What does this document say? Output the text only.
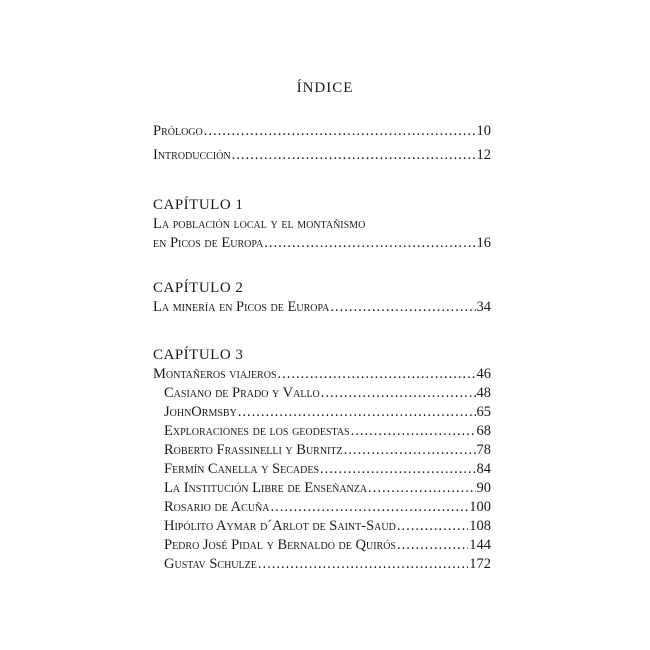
ÍNDICE
Prólogo .....	10
Introducción .....	12
CAPÍTULO 1
La población local y el montañismo
en Picos de Europa .....	16
CAPÍTULO 2
La minería en Picos de Europa .....	34
CAPÍTULO 3
Montañeros viajeros .....	46
Casiano de Prado y Vallo .....	48
JohnOrmsby .....	65
Exploraciones de los geodestas .....	68
Roberto Frassinelli y Burnitz .....	78
Fermín Canella y Secades .....	84
La Institución Libre de Enseñanza .....	90
Rosario de Acuña .....	100
Hipólito Aymar d´Arlot de Saint-Saud .....	108
Pedro José Pidal y Bernaldo de Quirós .....	144
Gustav Schulze .....	172
